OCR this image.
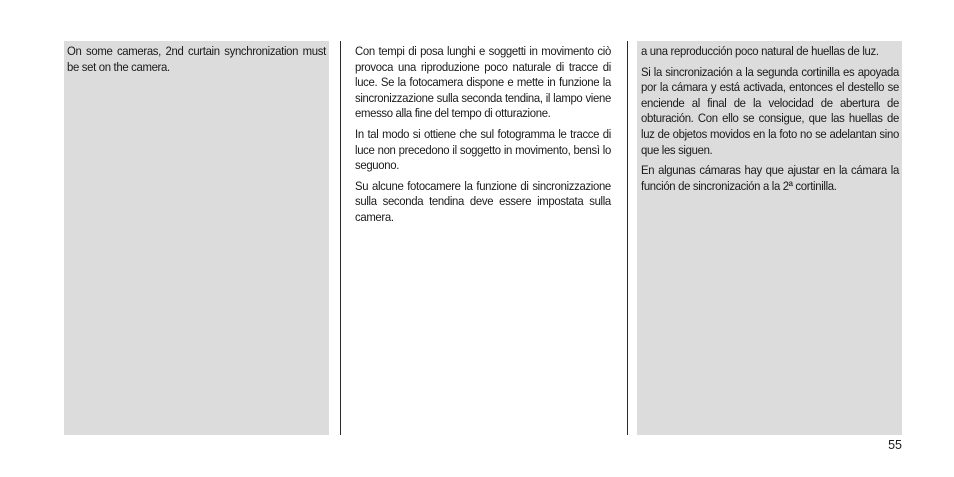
On some cameras, 2nd curtain synchronization must be set on the camera.

Con tempi di posa lunghi e soggetti in movimento ciò provoca una riproduzione poco naturale di tracce di luce. Se la fotocamera dispone e mette in funzione la sincronizzazione sulla seconda tendina, il lampo viene emesso alla fine del tempo di otturazione.

In tal modo si ottiene che sul fotogramma le tracce di luce non precedono il soggetto in movimento, bensì lo seguono.

Su alcune fotocamere la funzione di sincronizzazione sulla seconda tendina deve essere impostata sulla camera.

a una reproducción poco natural de huellas de luz.

Si la sincronización a la segunda cortinilla es apoyada por la cámara y está activada, entonces el destello se enciende al final de la velocidad de abertura de obturación. Con ello se consigue, que las huellas de luz de objetos movidos en la foto no se adelantan sino que les siguen.

En algunas cámaras hay que ajustar en la cámara la función de sincronización a la 2ª cortinilla.

55
